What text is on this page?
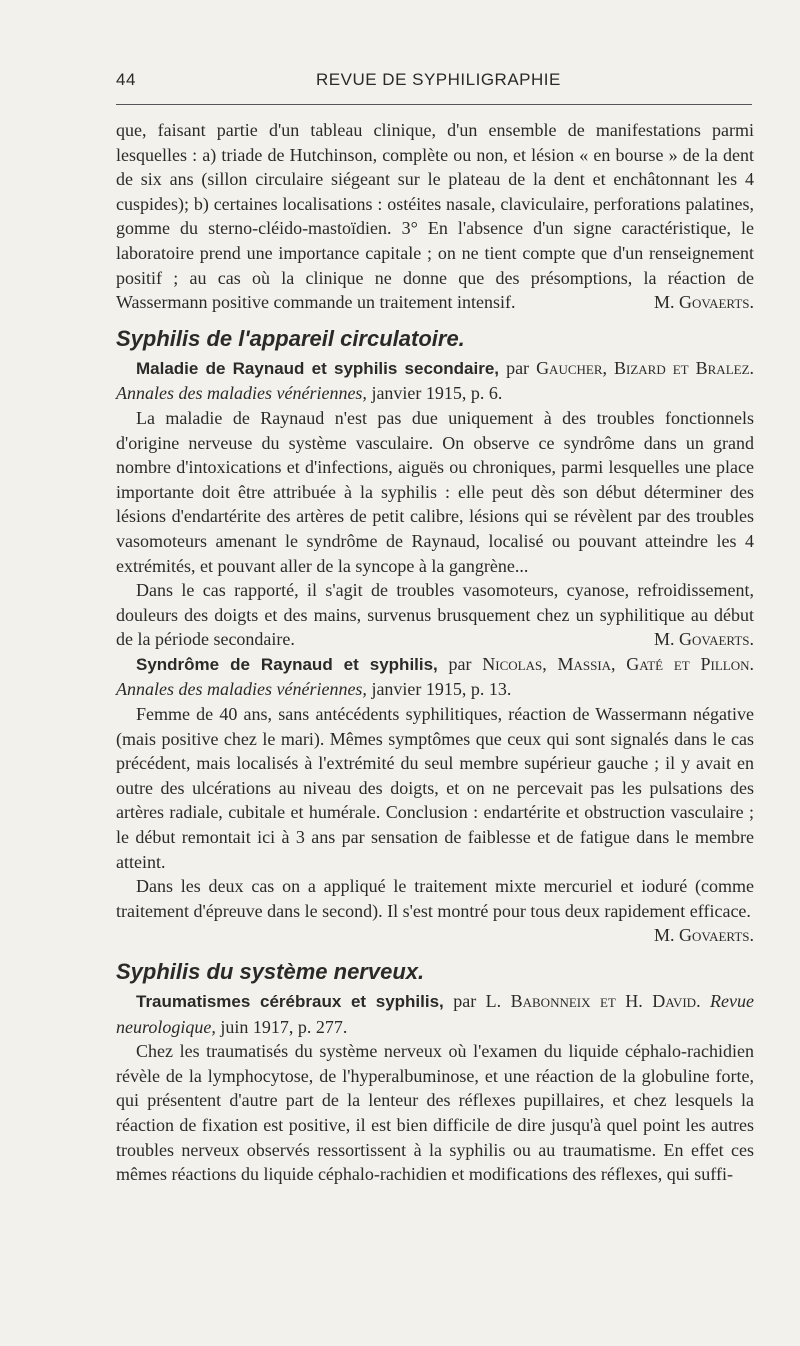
44	REVUE DE SYPHILIGRAPHIE

que, faisant partie d'un tableau clinique, d'un ensemble de manifestations parmi lesquelles : a) triade de Hutchinson, complète ou non, et lésion « en bourse » de la dent de six ans (sillon circulaire siégeant sur le plateau de la dent et enchâtonnant les 4 cuspides); b) certaines localisations : ostéites nasale, claviculaire, perforations palatines, gomme du sterno-cléido-mastoïdien. 3° En l'absence d'un signe caractéristique, le laboratoire prend une importance capitale ; on ne tient compte que d'un renseignement positif ; au cas où la clinique ne donne que des présomptions, la réaction de Wassermann positive commande un traitement intensif.	M. Govaerts.

Syphilis de l'appareil circulatoire.

Maladie de Raynaud et syphilis secondaire, par Gaucher, Bizard et Bralez. Annales des maladies vénériennes, janvier 1915, p. 6.

La maladie de Raynaud n'est pas due uniquement à des troubles fonctionnels d'origine nerveuse du système vasculaire. On observe ce syndrôme dans un grand nombre d'intoxications et d'infections, aiguës ou chroniques, parmi lesquelles une place importante doit être attribuée à la syphilis : elle peut dès son début déterminer des lésions d'endartérite des artères de petit calibre, lésions qui se révèlent par des troubles vasomoteurs amenant le syndrôme de Raynaud, localisé ou pouvant atteindre les 4 extrémités, et pouvant aller de la syncope à la gangrène...

Dans le cas rapporté, il s'agit de troubles vasomoteurs, cyanose, refroidissement, douleurs des doigts et des mains, survenus brusquement chez un syphilitique au début de la période secondaire.	M. Govaerts.

Syndrôme de Raynaud et syphilis, par Nicolas, Massia, Gaté et Pillon. Annales des maladies vénériennes, janvier 1915, p. 13.

Femme de 40 ans, sans antécédents syphilitiques, réaction de Wassermann négative (mais positive chez le mari). Mêmes symptômes que ceux qui sont signalés dans le cas précédent, mais localisés à l'extrémité du seul membre supérieur gauche ; il y avait en outre des ulcérations au niveau des doigts, et on ne percevait pas les pulsations des artères radiale, cubitale et humérale. Conclusion : endartérite et obstruction vasculaire ; le début remontait ici à 3 ans par sensation de faiblesse et de fatigue dans le membre atteint.

Dans les deux cas on a appliqué le traitement mixte mercuriel et ioduré (comme traitement d'épreuve dans le second). Il s'est montré pour tous deux rapidement efficace.
M. Govaerts.

Syphilis du système nerveux.

Traumatismes cérébraux et syphilis, par L. Babonneix et H. David. Revue neurologique, juin 1917, p. 277.

Chez les traumatisés du système nerveux où l'examen du liquide céphalo-rachidien révèle de la lymphocytose, de l'hyperalbuminose, et une réaction de la globuline forte, qui présentent d'autre part de la lenteur des réflexes pupillaires, et chez lesquels la réaction de fixation est positive, il est bien difficile de dire jusqu'à quel point les autres troubles nerveux observés ressortissent à la syphilis ou au traumatisme. En effet ces mêmes réactions du liquide céphalo-rachidien et modifications des réflexes, qui suffi-
